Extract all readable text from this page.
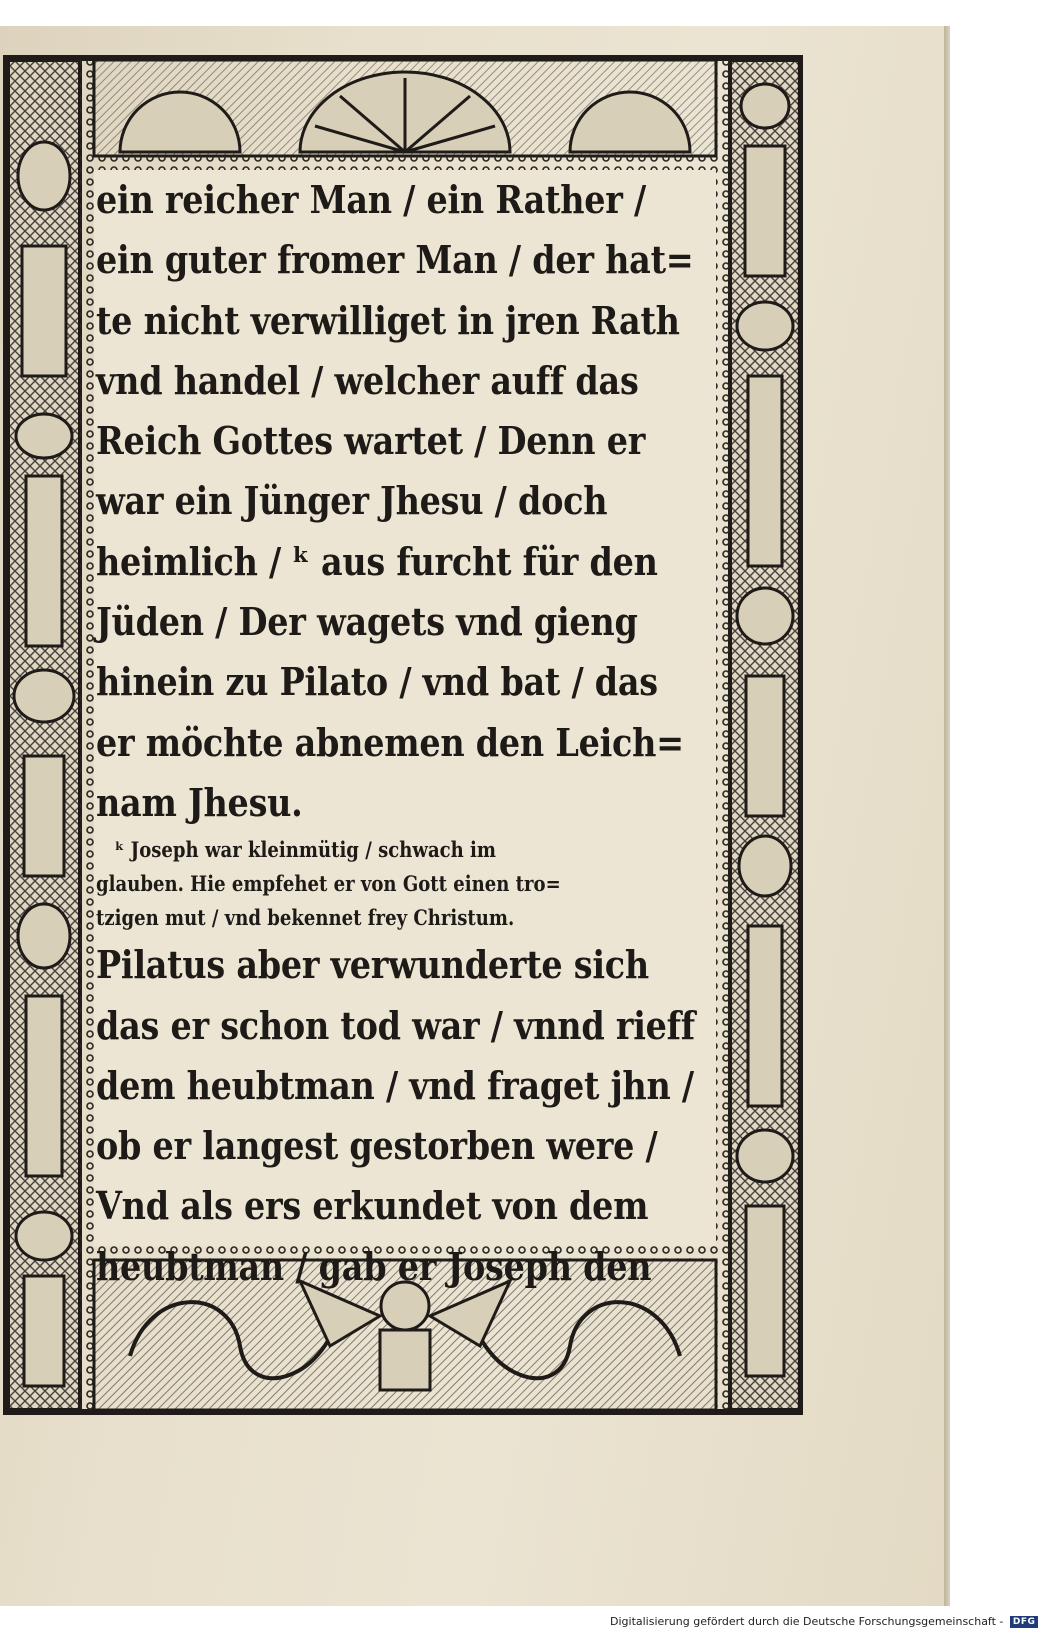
ein reicher Man / ein Rather /
ein guter fromer Man / der hat=
te nicht verwilliget in jren Rath
vnd handel / welcher auff das
Reich Gottes wartet / Denn er
war ein Jünger Jhesu / doch
heimlich / ᵏ aus furcht für den
Jüden / Der wagets vnd gieng
hinein zu Pilato / vnd bat / das
er möchte abnemen den Leich=
nam Jhesu.
ᵏ Joseph war kleinmütig / schwach im
glauben. Hie empfehet er von Gott einen tro=
tzigen mut / vnd bekennet frey Christum.
Pilatus aber verwunderte sich
das er schon tod war / vnnd rieff
dem heubtman / vnd fraget jhn /
ob er langest gestorben were /
Vnd als ers erkundet von dem
heubtman / gab er Joseph den
Digitalisierung gefördert durch die Deutsche Forschungsgemeinschaft - DFG
